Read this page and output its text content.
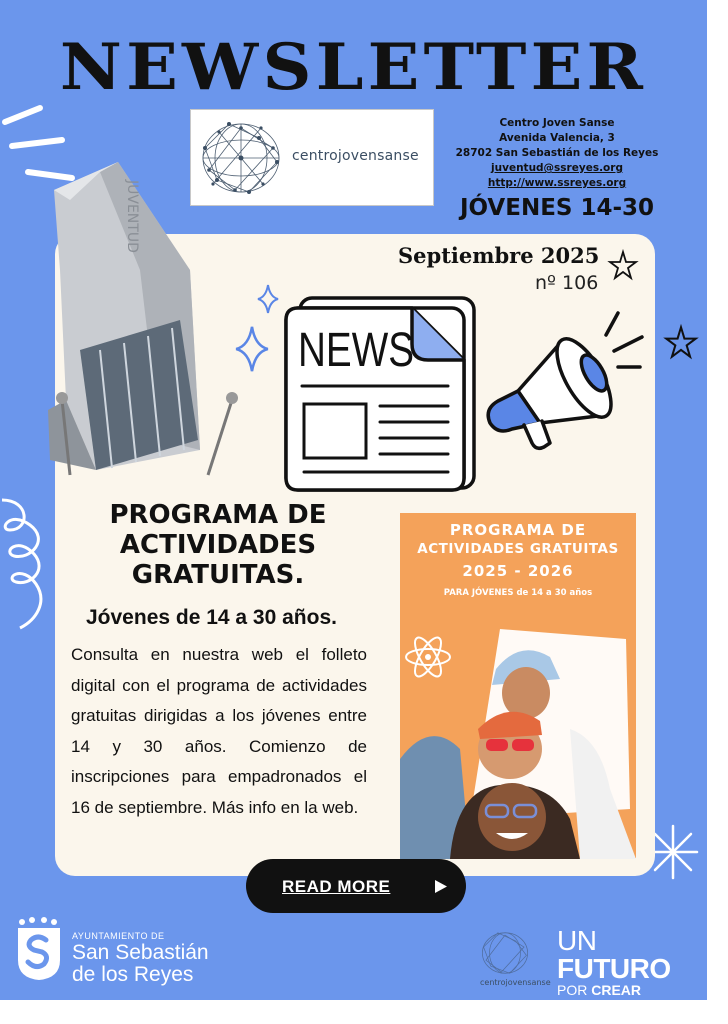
NEWSLETTER
centrojovensanse
Centro Joven Sanse
Avenida Valencia, 3
28702 San Sebastián de los Reyes
juventud@ssreyes.org
http://www.ssreyes.org
JÓVENES 14-30
JUVENTUD
Septiembre 2025
nº 106
NEWS
PROGRAMA DE ACTIVIDADES GRATUITAS.
Jóvenes de 14 a 30 años.
Consulta en nuestra web el folleto digital con el programa de actividades gratuitas dirigidas a los jóvenes entre 14 y 30 años. Comienzo de inscripciones para empadronados el 16 de septiembre. Más info en la web.
PROGRAMA DE
ACTIVIDADES GRATUITAS
2025 - 2026
PARA JÓVENES de 14 a 30 años
READ MORE
AYUNTAMIENTO DE
San Sebastián
de los Reyes	centrojovensanse
UN FUTURO
POR CREAR CONTIGO
www.ssreyes.org
